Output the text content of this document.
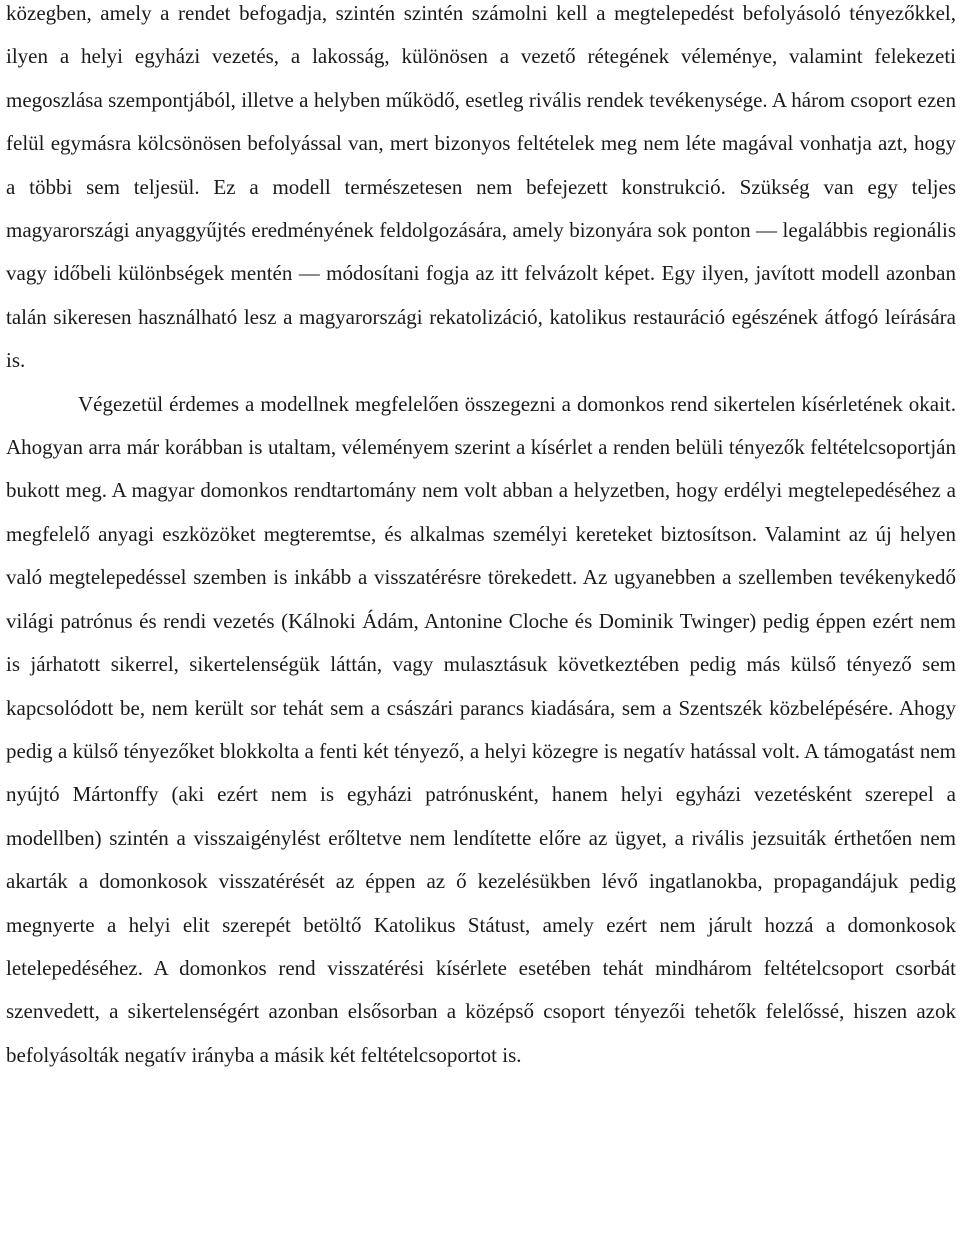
közegben, amely a rendet befogadja, szintén szintén számolni kell a megtelepedést befolyásoló tényezőkkel, ilyen a helyi egyházi vezetés, a lakosság, különösen a vezető rétegének véleménye, valamint felekezeti megoszlása szempontjából, illetve a helyben működő, esetleg rivális rendek tevékenysége. A három csoport ezen felül egymásra kölcsönösen befolyással van, mert bizonyos feltételek meg nem léte magával vonhatja azt, hogy a többi sem teljesül. Ez a modell természetesen nem befejezett konstrukció. Szükség van egy teljes magyarországi anyaggyűjtés eredményének feldolgozására, amely bizonyára sok ponton — legalábbis regionális vagy időbeli különbségek mentén — módosítani fogja az itt felvázolt képet. Egy ilyen, javított modell azonban talán sikeresen használható lesz a magyarországi rekatolizáció, katolikus restauráció egészének átfogó leírására is.

Végezetül érdemes a modellnek megfelelően összegezni a domonkos rend sikertelen kísérletének okait. Ahogyan arra már korábban is utaltam, véleményem szerint a kísérlet a renden belüli tényezők feltételcsoportján bukott meg. A magyar domonkos rendtartomány nem volt abban a helyzetben, hogy erdélyi megtelepedéséhez a megfelelő anyagi eszközöket megteremtse, és alkalmas személyi kereteket biztosítson. Valamint az új helyen való megtelepedéssel szemben is inkább a visszatérésre törekedett. Az ugyanebben a szellemben tevékenykedő világi patrónus és rendi vezetés (Kálnoki Ádám, Antonine Cloche és Dominik Twinger) pedig éppen ezért nem is járhatott sikerrel, sikertelenségük láttán, vagy mulasztásuk következtében pedig más külső tényező sem kapcsolódott be, nem került sor tehát sem a császári parancs kiadására, sem a Szentszék közbelépésére. Ahogy pedig a külső tényezőket blokkolta a fenti két tényező, a helyi közegre is negatív hatással volt. A támogatást nem nyújtó Mártonffy (aki ezért nem is egyházi patrónusként, hanem helyi egyházi vezetésként szerepel a modellben) szintén a visszaigénylést erőltetve nem lendítette előre az ügyet, a rivális jezsuiták érthetően nem akarták a domonkosok visszatérését az éppen az ő kezelésükben lévő ingatlanokba, propagandájuk pedig megnyerte a helyi elit szerepét betöltő Katolikus Státust, amely ezért nem járult hozzá a domonkosok letelepedéséhez. A domonkos rend visszatérési kísérlete esetében tehát mindhárom feltételcsoport csorbát szenvedett, a sikertelenségért azonban elsősorban a középső csoport tényezői tehetők felelőssé, hiszen azok befolyásolták negatív irányba a másik két feltételcsoportot is.
